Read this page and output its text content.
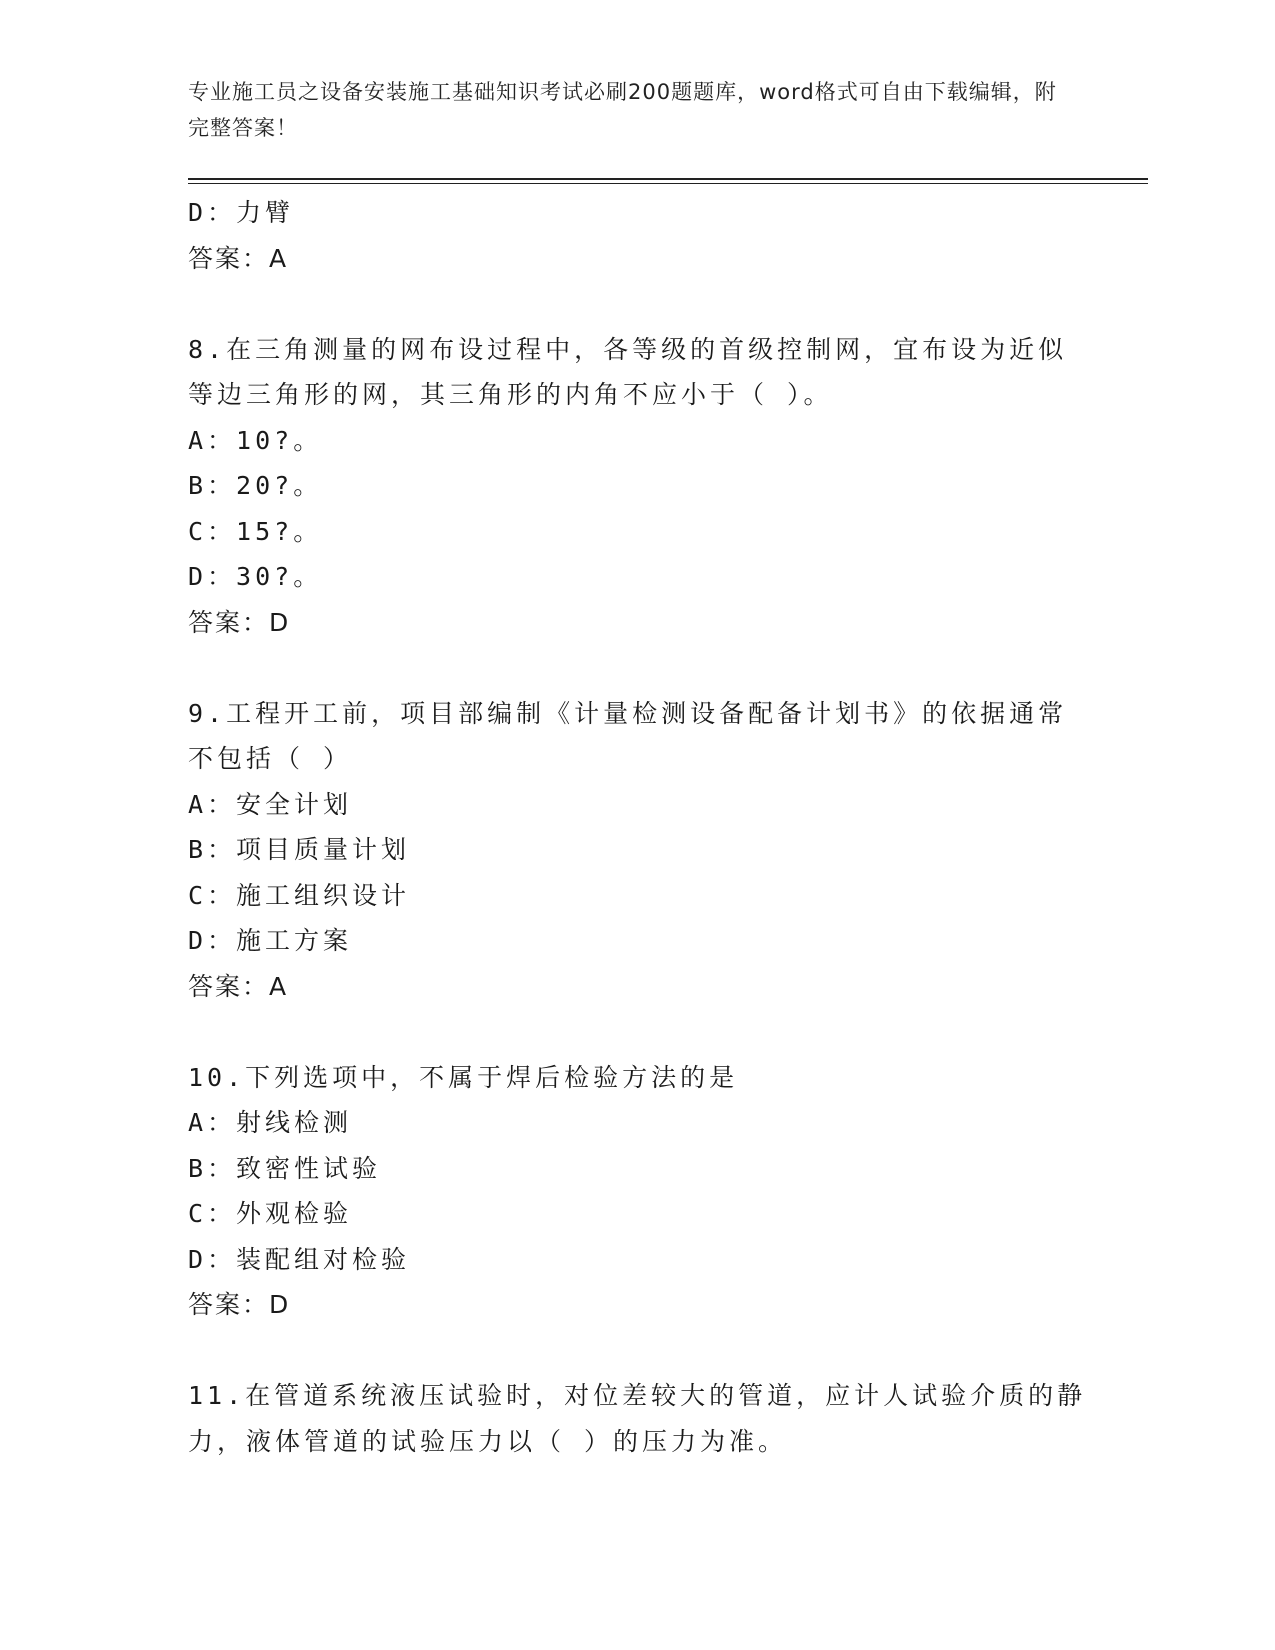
专业施工员之设备安装施工基础知识考试必刷200题题库，word格式可自由下载编辑，附完整答案！
D：力臂
答案：A
8.在三角测量的网布设过程中，各等级的首级控制网，宜布设为近似等边三角形的网，其三角形的内角不应小于（ ）。
A：10?。
B：20?。
C：15?。
D：30?。
答案：D
9.工程开工前，项目部编制《计量检测设备配备计划书》的依据通常不包括（ ）
A：安全计划
B：项目质量计划
C：施工组织设计
D：施工方案
答案：A
10.下列选项中，不属于焊后检验方法的是
A：射线检测
B：致密性试验
C：外观检验
D：装配组对检验
答案：D
11.在管道系统液压试验时，对位差较大的管道，应计人试验介质的静力，液体管道的试验压力以（ ）的压力为准。
